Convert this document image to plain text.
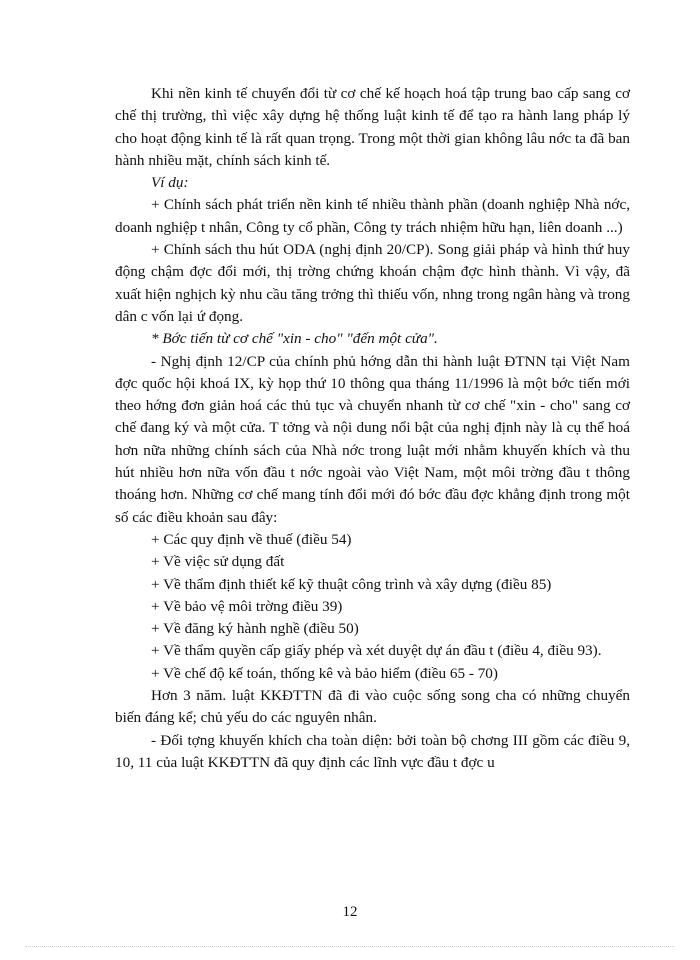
Khi nền kinh tế chuyển đổi từ cơ chế kế hoạch hoá tập trung bao cấp sang cơ chế thị trường, thì việc xây dựng hệ thống luật kinh tế để tạo ra hành lang pháp lý cho hoạt động kinh tế là rất quan trọng. Trong một thời gian không lâu nớc ta đã ban hành nhiều mặt, chính sách kinh tế.

Ví dụ:

+ Chính sách phát triển nền kinh tế nhiều thành phần (doanh nghiệp Nhà nớc, doanh nghiệp t nhân, Công ty cổ phần, Công ty trách nhiệm hữu hạn, liên doanh ...)

+ Chính sách thu hút ODA (nghị định 20/CP). Song giải pháp và hình thứ huy động chậm đợc đổi mới, thị trờng chứng khoán chậm đợc hình thành. Vì vậy, đã xuất hiện nghịch kỳ nhu cầu tăng trởng thì thiếu vốn, nhng trong ngân hàng và trong dân c vốn lại ứ đọng.

* Bớc tiến từ cơ chế "xin - cho" "đến một cửa".

- Nghị định 12/CP của chính phủ hớng dẫn thi hành luật ĐTNN tại Việt Nam đợc quốc hội khoá IX, kỳ họp thứ 10 thông qua tháng 11/1996 là một bớc tiến mới theo hớng đơn giản hoá các thủ tục và chuyển nhanh từ cơ chế "xin - cho" sang cơ chế đang ký và một cửa. T tởng và nội dung nổi bật của nghị định này là cụ thể hoá hơn nữa những chính sách của Nhà nớc trong luật mới nhằm khuyến khích và thu hút nhiều hơn nữa vốn đầu t nớc ngoài vào Việt Nam, một môi trờng đầu t thông thoáng hơn. Những cơ chế mang tính đổi mới đó bớc đầu đợc khẳng định trong một số các điều khoản sau đây:

+ Các quy định về thuế (điều 54)

+ Về việc sử dụng đất

+ Về thẩm định thiết kế kỹ thuật công trình và xây dựng (điều 85)

+ Về bảo vệ môi trờng điều 39)

+ Về đăng ký hành nghề (điều 50)

+ Về thẩm quyền cấp giấy phép và xét duyệt dự án đầu t (điều 4, điều 93).

+ Về chế độ kế toán, thống kê và bảo hiểm (điều 65 - 70)

Hơn 3 năm. luật KKĐTTN đã đi vào cuộc sống song cha có những chuyển biến đáng kể; chủ yếu do các nguyên nhân.

- Đối tợng khuyến khích cha toàn diện: bởi toàn bộ chơng III gồm các điều 9, 10, 11 của luật KKĐTTN đã quy định các lĩnh vực đầu t đợc u

12
